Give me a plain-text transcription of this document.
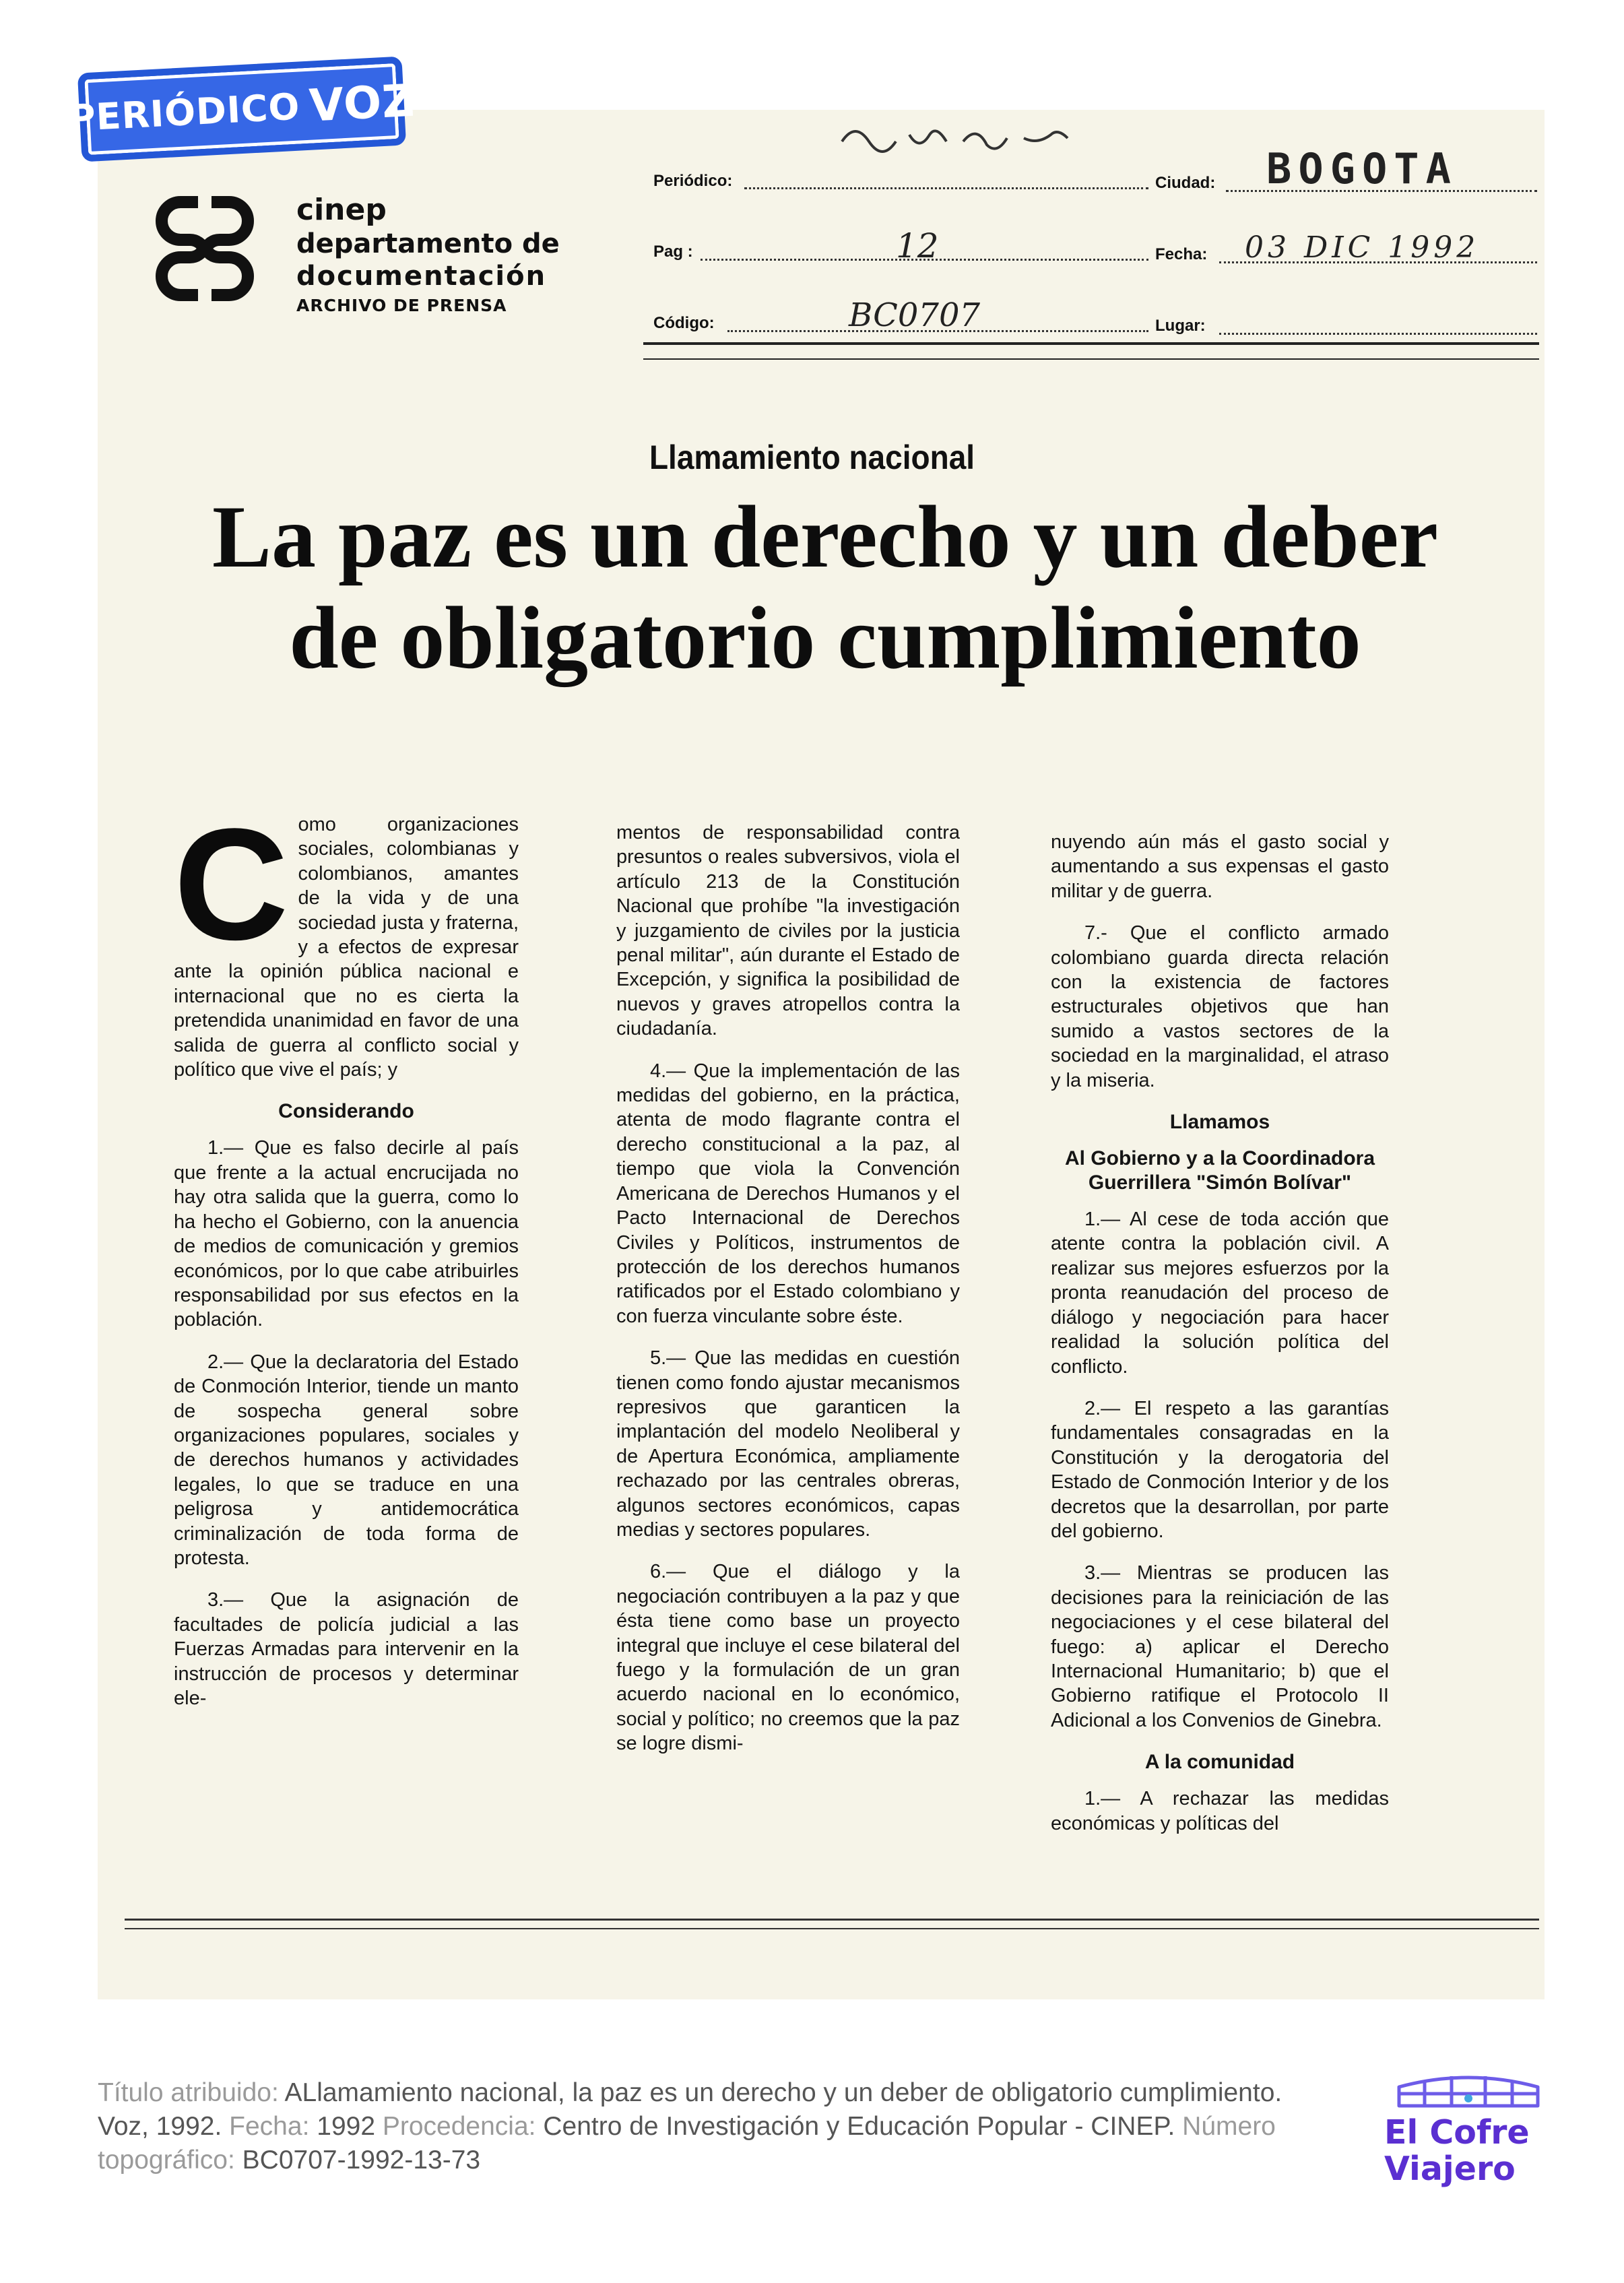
PERIÓDICO VOZ
cinep
departamento de
documentación
ARCHIVO DE PRENSA
Periódico:	Ciudad: BOGOTA
Pag :	12	Fecha: 03 DIC 1992
Código:	BC0707	Lugar:
Llamamiento nacional
La paz es un derecho y un deber
de obligatorio cumplimiento

Como organizaciones sociales, colombianas y colombianos, amantes de la vida y de una sociedad justa y fraterna, y a efectos de expresar ante la opinión pública nacional e internacional que no es cierta la pretendida unanimidad en favor de una salida de guerra al conflicto social y político que vive el país; y

Considerando

1.— Que es falso decirle al país que frente a la actual encrucijada no hay otra salida que la guerra, como lo ha hecho el Gobierno, con la anuencia de medios de comunicación y gremios económicos, por lo que cabe atribuirles responsabilidad por sus efectos en la población.

2.— Que la declaratoria del Estado de Conmoción Interior, tiende un manto de sospecha general sobre organizaciones populares, sociales y de derechos humanos y actividades legales, lo que se traduce en una peligrosa y antidemocrática criminalización de toda forma de protesta.

3.— Que la asignación de facultades de policía judicial a las Fuerzas Armadas para intervenir en la instrucción de procesos y determinar ele-

mentos de responsabilidad contra presuntos o reales subversivos, viola el artículo 213 de la Constitución Nacional que prohíbe "la investigación y juzgamiento de civiles por la justicia penal militar", aún durante el Estado de Excepción, y significa la posibilidad de nuevos y graves atropellos contra la ciudadanía.

4.— Que la implementación de las medidas del gobierno, en la práctica, atenta de modo flagrante contra el derecho constitucional a la paz, al tiempo que viola la Convención Americana de Derechos Humanos y el Pacto Internacional de Derechos Civiles y Políticos, instrumentos de protección de los derechos humanos ratificados por el Estado colombiano y con fuerza vinculante sobre éste.

5.— Que las medidas en cuestión tienen como fondo ajustar mecanismos represivos que garanticen la implantación del modelo Neoliberal y de Apertura Económica, ampliamente rechazado por las centrales obreras, algunos sectores económicos, capas medias y sectores populares.

6.— Que el diálogo y la negociación contribuyen a la paz y que ésta tiene como base un proyecto integral que incluye el cese bilateral del fuego y la formulación de un gran acuerdo nacional en lo económico, social y político; no creemos que la paz se logre dismi-

nuyendo aún más el gasto social y aumentando a sus expensas el gasto militar y de guerra.

7.- Que el conflicto armado colombiano guarda directa relación con la existencia de factores estructurales objetivos que han sumido a vastos sectores de la sociedad en la marginalidad, el atraso y la miseria.

Llamamos
Al Gobierno y a la Coordinadora Guerrillera "Simón Bolívar"

1.— Al cese de toda acción que atente contra la población civil. A realizar sus mejores esfuerzos por la pronta reanudación del proceso de diálogo y negociación para hacer realidad la solución política del conflicto.

2.— El respeto a las garantías fundamentales consagradas en la Constitución y la derogatoria del Estado de Conmoción Interior y de los decretos que la desarrollan, por parte del gobierno.

3.— Mientras se producen las decisiones para la reiniciación de las negociaciones y el cese bilateral del fuego: a) aplicar el Derecho Internacional Humanitario; b) que el Gobierno ratifique el Protocolo II Adicional a los Convenios de Ginebra.

A la comunidad

1.— A rechazar las medidas económicas y políticas del

Título atribuido: ALlamamiento nacional, la paz es un derecho y un deber de obligatorio cumplimiento. Voz, 1992. Fecha: 1992 Procedencia: Centro de Investigación y Educación Popular - CINEP. Número topográfico: BC0707-1992-13-73
El Cofre
Viajero
